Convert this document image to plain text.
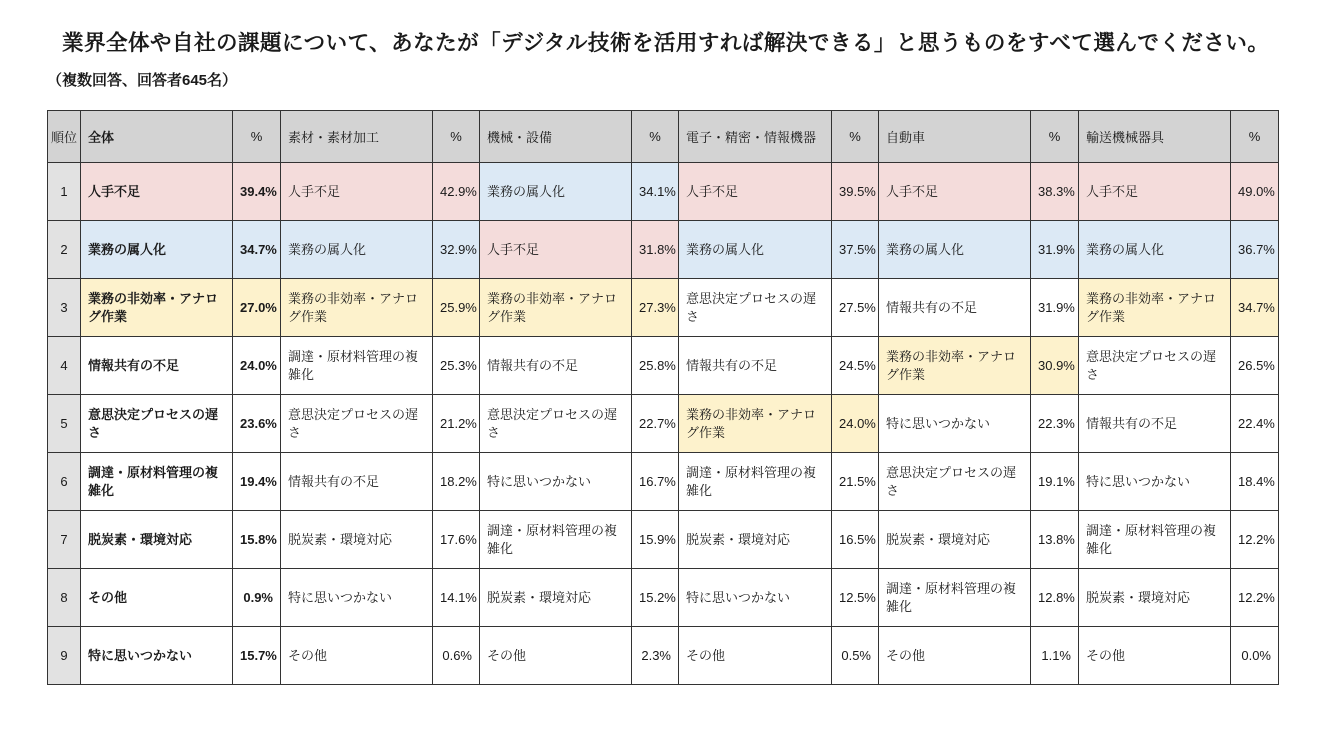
業界全体や自社の課題について、あなたが「デジタル技術を活用すれば解決できる」と思うものをすべて選んでください。
（複数回答、回答者645名）
順位	全体	%	素材・素材加工	%	機械・設備	%	電子・精密・情報機器	%	自動車	%	輸送機械器具	%
1	人手不足	39.4%	人手不足	42.9%	業務の属人化	34.1%	人手不足	39.5%	人手不足	38.3%	人手不足	49.0%
2	業務の属人化	34.7%	業務の属人化	32.9%	人手不足	31.8%	業務の属人化	37.5%	業務の属人化	31.9%	業務の属人化	36.7%
3	業務の非効率・アナログ作業	27.0%	業務の非効率・アナログ作業	25.9%	業務の非効率・アナログ作業	27.3%	意思決定プロセスの遅さ	27.5%	情報共有の不足	31.9%	業務の非効率・アナログ作業	34.7%
4	情報共有の不足	24.0%	調達・原材料管理の複雑化	25.3%	情報共有の不足	25.8%	情報共有の不足	24.5%	業務の非効率・アナログ作業	30.9%	意思決定プロセスの遅さ	26.5%
5	意思決定プロセスの遅さ	23.6%	意思決定プロセスの遅さ	21.2%	意思決定プロセスの遅さ	22.7%	業務の非効率・アナログ作業	24.0%	特に思いつかない	22.3%	情報共有の不足	22.4%
6	調達・原材料管理の複雑化	19.4%	情報共有の不足	18.2%	特に思いつかない	16.7%	調達・原材料管理の複雑化	21.5%	意思決定プロセスの遅さ	19.1%	特に思いつかない	18.4%
7	脱炭素・環境対応	15.8%	脱炭素・環境対応	17.6%	調達・原材料管理の複雑化	15.9%	脱炭素・環境対応	16.5%	脱炭素・環境対応	13.8%	調達・原材料管理の複雑化	12.2%
8	その他	0.9%	特に思いつかない	14.1%	脱炭素・環境対応	15.2%	特に思いつかない	12.5%	調達・原材料管理の複雑化	12.8%	脱炭素・環境対応	12.2%
9	特に思いつかない	15.7%	その他	0.6%	その他	2.3%	その他	0.5%	その他	1.1%	その他	0.0%
